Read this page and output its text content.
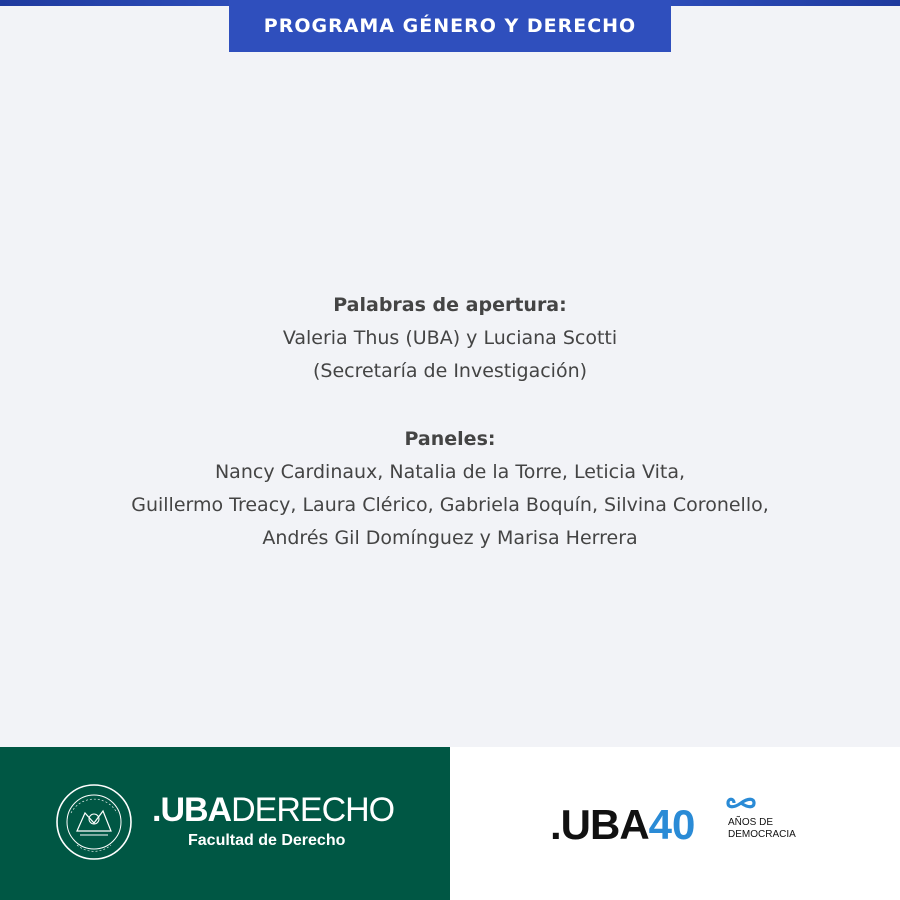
PROGRAMA GÉNERO Y DERECHO
Palabras de apertura:
Valeria Thus (UBA) y Luciana Scotti
(Secretaría de Investigación)
Paneles:
Nancy Cardinaux, Natalia de la Torre, Leticia Vita,
Guillermo Treacy, Laura Clérico, Gabriela Boquín, Silvina Coronello,
Andrés Gil Domínguez y Marisa Herrera
.UBADERECHO
Facultad de Derecho	.UBA40	AÑOS DE
DEMOCRACIA
